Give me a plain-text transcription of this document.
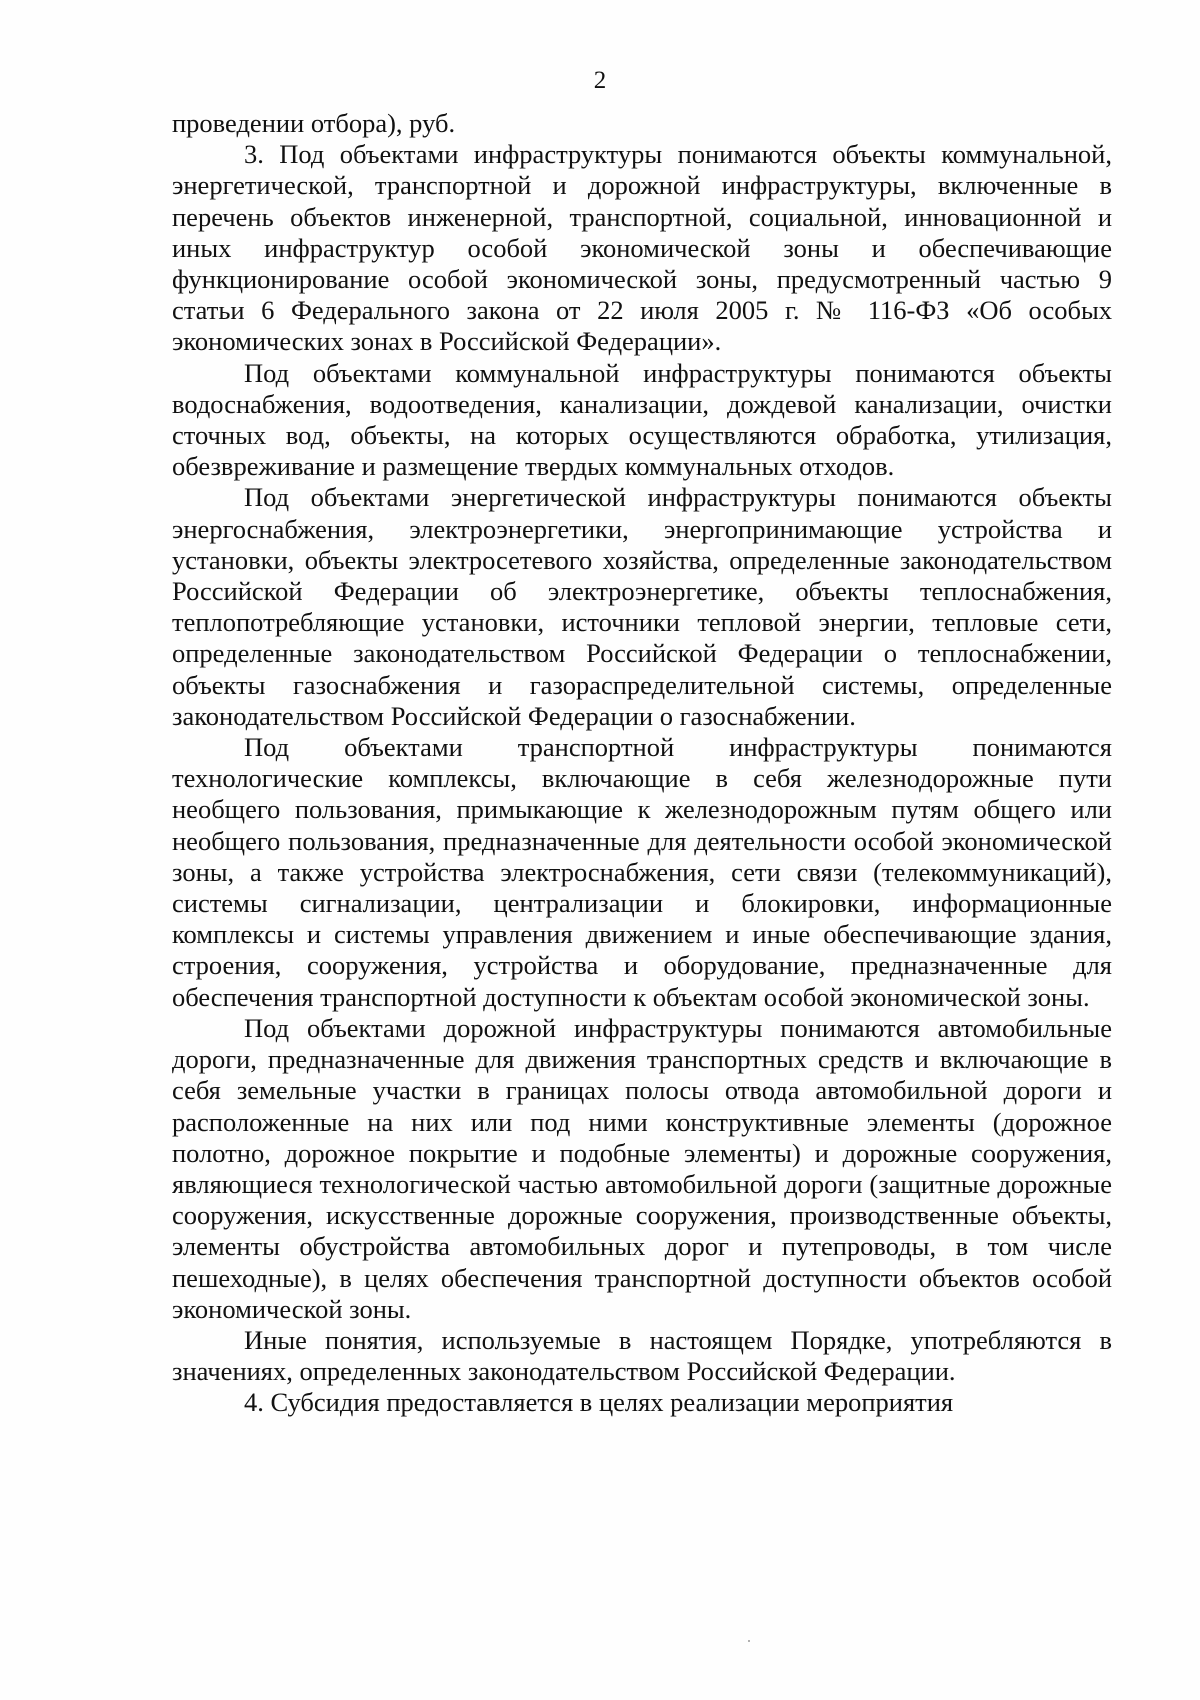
2

проведении отбора), руб.

3. Под объектами инфраструктуры понимаются объекты коммунальной, энергетической, транспортной и дорожной инфраструктуры, включенные в перечень объектов инженерной, транспортной, социальной, инновационной и иных инфраструктур особой экономической зоны и обеспечивающие функционирование особой экономической зоны, предусмотренный частью 9 статьи 6 Федерального закона от 22 июля 2005 г. № 116-ФЗ «Об особых экономических зонах в Российской Федерации».

Под объектами коммунальной инфраструктуры понимаются объекты водоснабжения, водоотведения, канализации, дождевой канализации, очистки сточных вод, объекты, на которых осуществляются обработка, утилизация, обезвреживание и размещение твердых коммунальных отходов.

Под объектами энергетической инфраструктуры понимаются объекты энергоснабжения, электроэнергетики, энергопринимающие устройства и установки, объекты электросетевого хозяйства, определенные законодательством Российской Федерации об электроэнергетике, объекты теплоснабжения, теплопотребляющие установки, источники тепловой энергии, тепловые сети, определенные законодательством Российской Федерации о теплоснабжении, объекты газоснабжения и газораспределительной системы, определенные законодательством Российской Федерации о газоснабжении.

Под объектами транспортной инфраструктуры понимаются технологические комплексы, включающие в себя железнодорожные пути необщего пользования, примыкающие к железнодорожным путям общего или необщего пользования, предназначенные для деятельности особой экономической зоны, а также устройства электроснабжения, сети связи (телекоммуникаций), системы сигнализации, централизации и блокировки, информационные комплексы и системы управления движением и иные обеспечивающие здания, строения, сооружения, устройства и оборудование, предназначенные для обеспечения транспортной доступности к объектам особой экономической зоны.

Под объектами дорожной инфраструктуры понимаются автомобильные дороги, предназначенные для движения транспортных средств и включающие в себя земельные участки в границах полосы отвода автомобильной дороги и расположенные на них или под ними конструктивные элементы (дорожное полотно, дорожное покрытие и подобные элементы) и дорожные сооружения, являющиеся технологической частью автомобильной дороги (защитные дорожные сооружения, искусственные дорожные сооружения, производственные объекты, элементы обустройства автомобильных дорог и путепроводы, в том числе пешеходные), в целях обеспечения транспортной доступности объектов особой экономической зоны.

Иные понятия, используемые в настоящем Порядке, употребляются в значениях, определенных законодательством Российской Федерации.

4. Субсидия предоставляется в целях реализации мероприятия
